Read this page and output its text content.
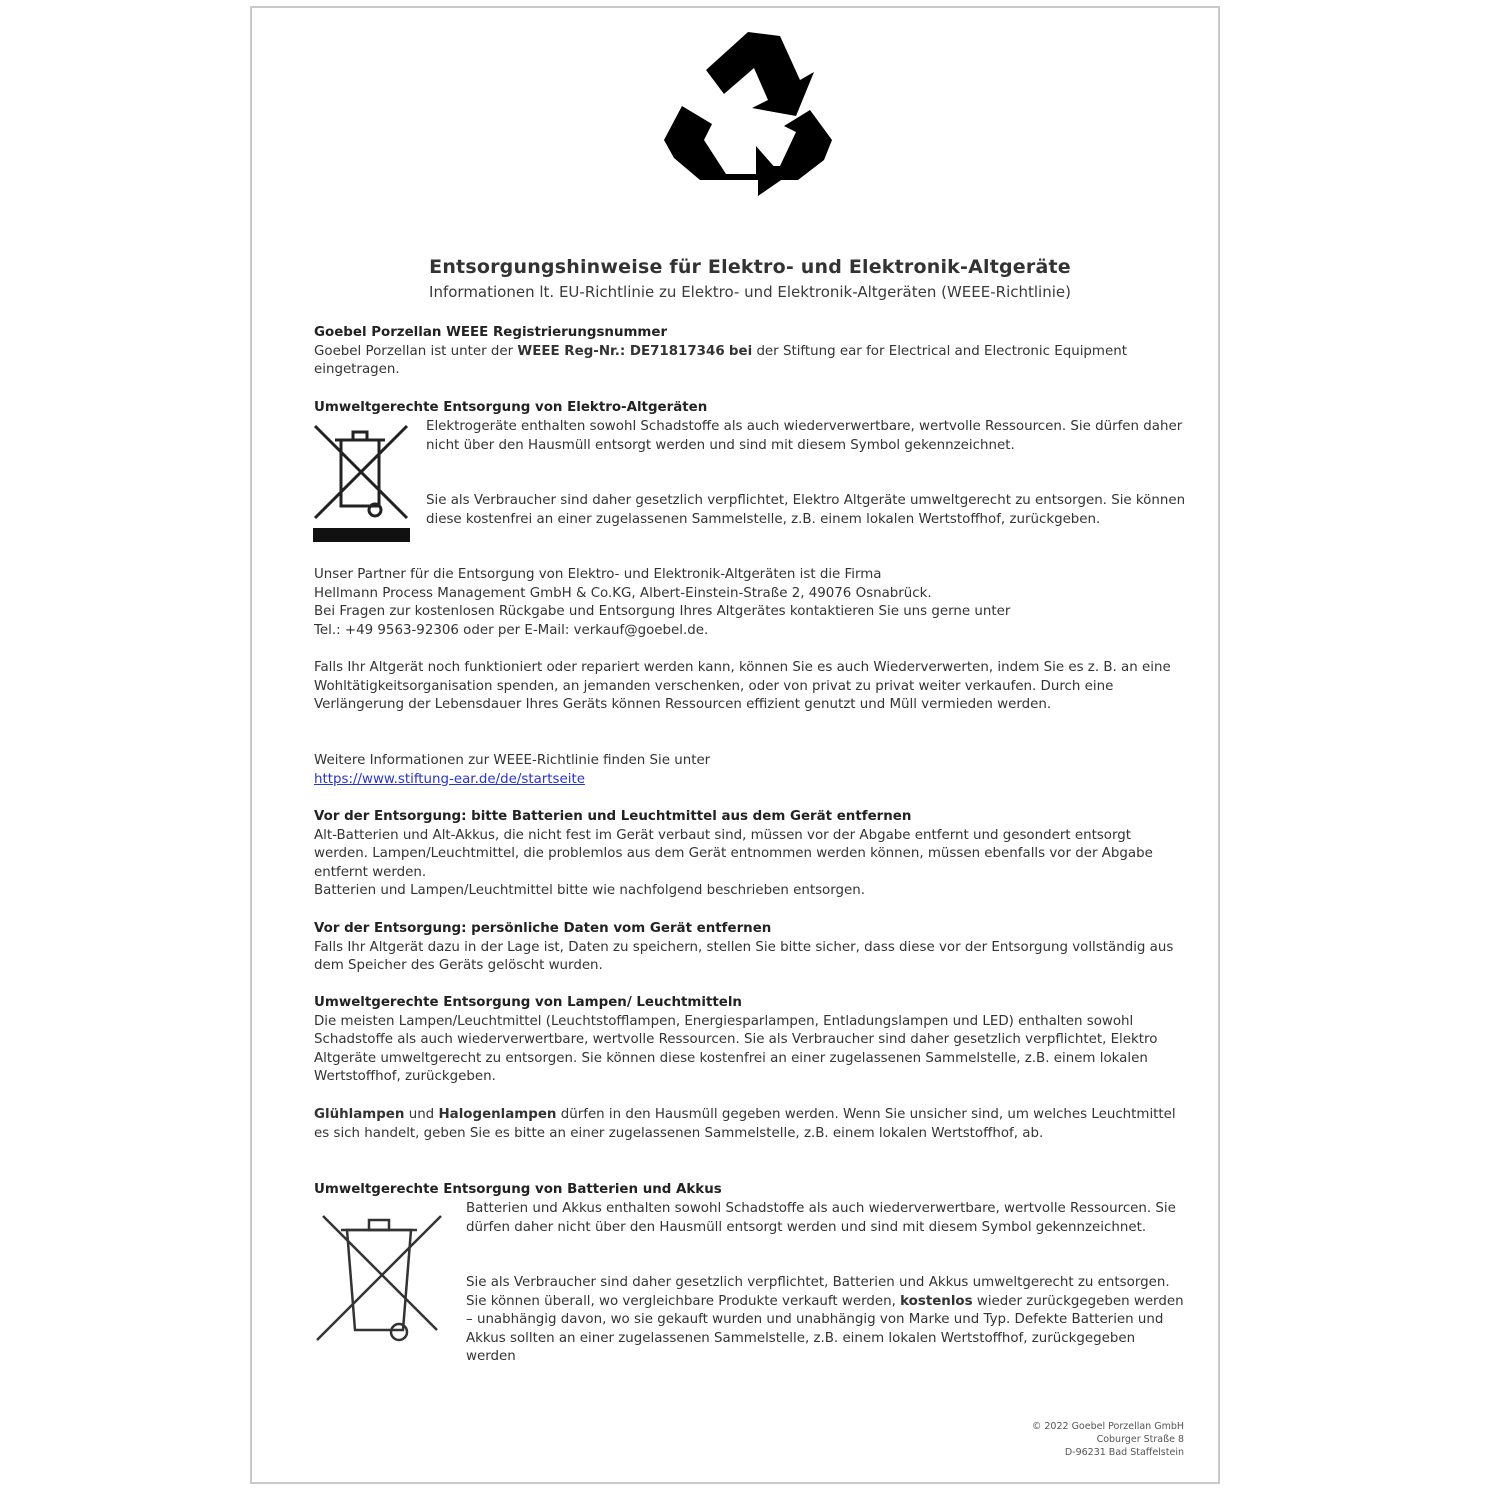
Entsorgungshinweise für Elektro- und Elektronik-Altgeräte
Informationen lt. EU-Richtlinie zu Elektro- und Elektronik-Altgeräten (WEEE-Richtlinie)
Goebel Porzellan WEEE Registrierungsnummer

Goebel Porzellan ist unter der WEEE Reg-Nr.: DE71817346 bei der Stiftung ear for Electrical and Electronic Equipment eingetragen.

Umweltgerechte Entsorgung von Elektro-Altgeräten
Elektrogeräte enthalten sowohl Schadstoffe als auch wiederverwertbare, wertvolle Ressourcen. Sie dürfen daher nicht über den Hausmüll entsorgt werden und sind mit diesem Symbol gekennzeichnet.
Sie als Verbraucher sind daher gesetzlich verpflichtet, Elektro Altgeräte umweltgerecht zu entsorgen. Sie können diese kostenfrei an einer zugelassenen Sammelstelle, z.B. einem lokalen Wertstoffhof, zurückgeben.
Unser Partner für die Entsorgung von Elektro- und Elektronik-Altgeräten ist die Firma
Hellmann Process Management GmbH & Co.KG, Albert-Einstein-Straße 2, 49076 Osnabrück.
Bei Fragen zur kostenlosen Rückgabe und Entsorgung Ihres Altgerätes kontaktieren Sie uns gerne unter
Tel.: +49 9563-92306 oder per E-Mail: verkauf@goebel.de.
Falls Ihr Altgerät noch funktioniert oder repariert werden kann, können Sie es auch Wiederverwerten, indem Sie es z. B. an eine Wohltätigkeitsorganisation spenden, an jemanden verschenken, oder von privat zu privat weiter verkaufen. Durch eine Verlängerung der Lebensdauer Ihres Geräts können Ressourcen effizient genutzt und Müll vermieden werden.
Weitere Informationen zur WEEE-Richtlinie finden Sie unter
https://www.stiftung-ear.de/de/startseite
Vor der Entsorgung: bitte Batterien und Leuchtmittel aus dem Gerät entfernen
Alt-Batterien und Alt-Akkus, die nicht fest im Gerät verbaut sind, müssen vor der Abgabe entfernt und gesondert entsorgt werden. Lampen/Leuchtmittel, die problemlos aus dem Gerät entnommen werden können, müssen ebenfalls vor der Abgabe entfernt werden.
Batterien und Lampen/Leuchtmittel bitte wie nachfolgend beschrieben entsorgen.
Vor der Entsorgung: persönliche Daten vom Gerät entfernen
Falls Ihr Altgerät dazu in der Lage ist, Daten zu speichern, stellen Sie bitte sicher, dass diese vor der Entsorgung vollständig aus dem Speicher des Geräts gelöscht wurden.
Umweltgerechte Entsorgung von Lampen/ Leuchtmitteln
Die meisten Lampen/Leuchtmittel (Leuchtstofflampen, Energiesparlampen, Entladungslampen und LED) enthalten sowohl Schadstoffe als auch wiederverwertbare, wertvolle Ressourcen. Sie als Verbraucher sind daher gesetzlich verpflichtet, Elektro Altgeräte umweltgerecht zu entsorgen. Sie können diese kostenfrei an einer zugelassenen Sammelstelle, z.B. einem lokalen Wertstoffhof, zurückgeben.
Glühlampen und Halogenlampen dürfen in den Hausmüll gegeben werden. Wenn Sie unsicher sind, um welches Leuchtmittel es sich handelt, geben Sie es bitte an einer zugelassenen Sammelstelle, z.B. einem lokalen Wertstoffhof, ab.
Umweltgerechte Entsorgung von Batterien und Akkus
Batterien und Akkus enthalten sowohl Schadstoffe als auch wiederverwertbare, wertvolle Ressourcen. Sie dürfen daher nicht über den Hausmüll entsorgt werden und sind mit diesem Symbol gekennzeichnet.
Sie als Verbraucher sind daher gesetzlich verpflichtet, Batterien und Akkus umweltgerecht zu entsorgen. Sie können überall, wo vergleichbare Produkte verkauft werden, kostenlos wieder zurückgegeben werden – unabhängig davon, wo sie gekauft wurden und unabhängig von Marke und Typ. Defekte Batterien und Akkus sollten an einer zugelassenen Sammelstelle, z.B. einem lokalen Wertstoffhof, zurückgegeben werden
© 2022 Goebel Porzellan GmbH
Coburger Straße 8
D-96231 Bad Staffelstein
